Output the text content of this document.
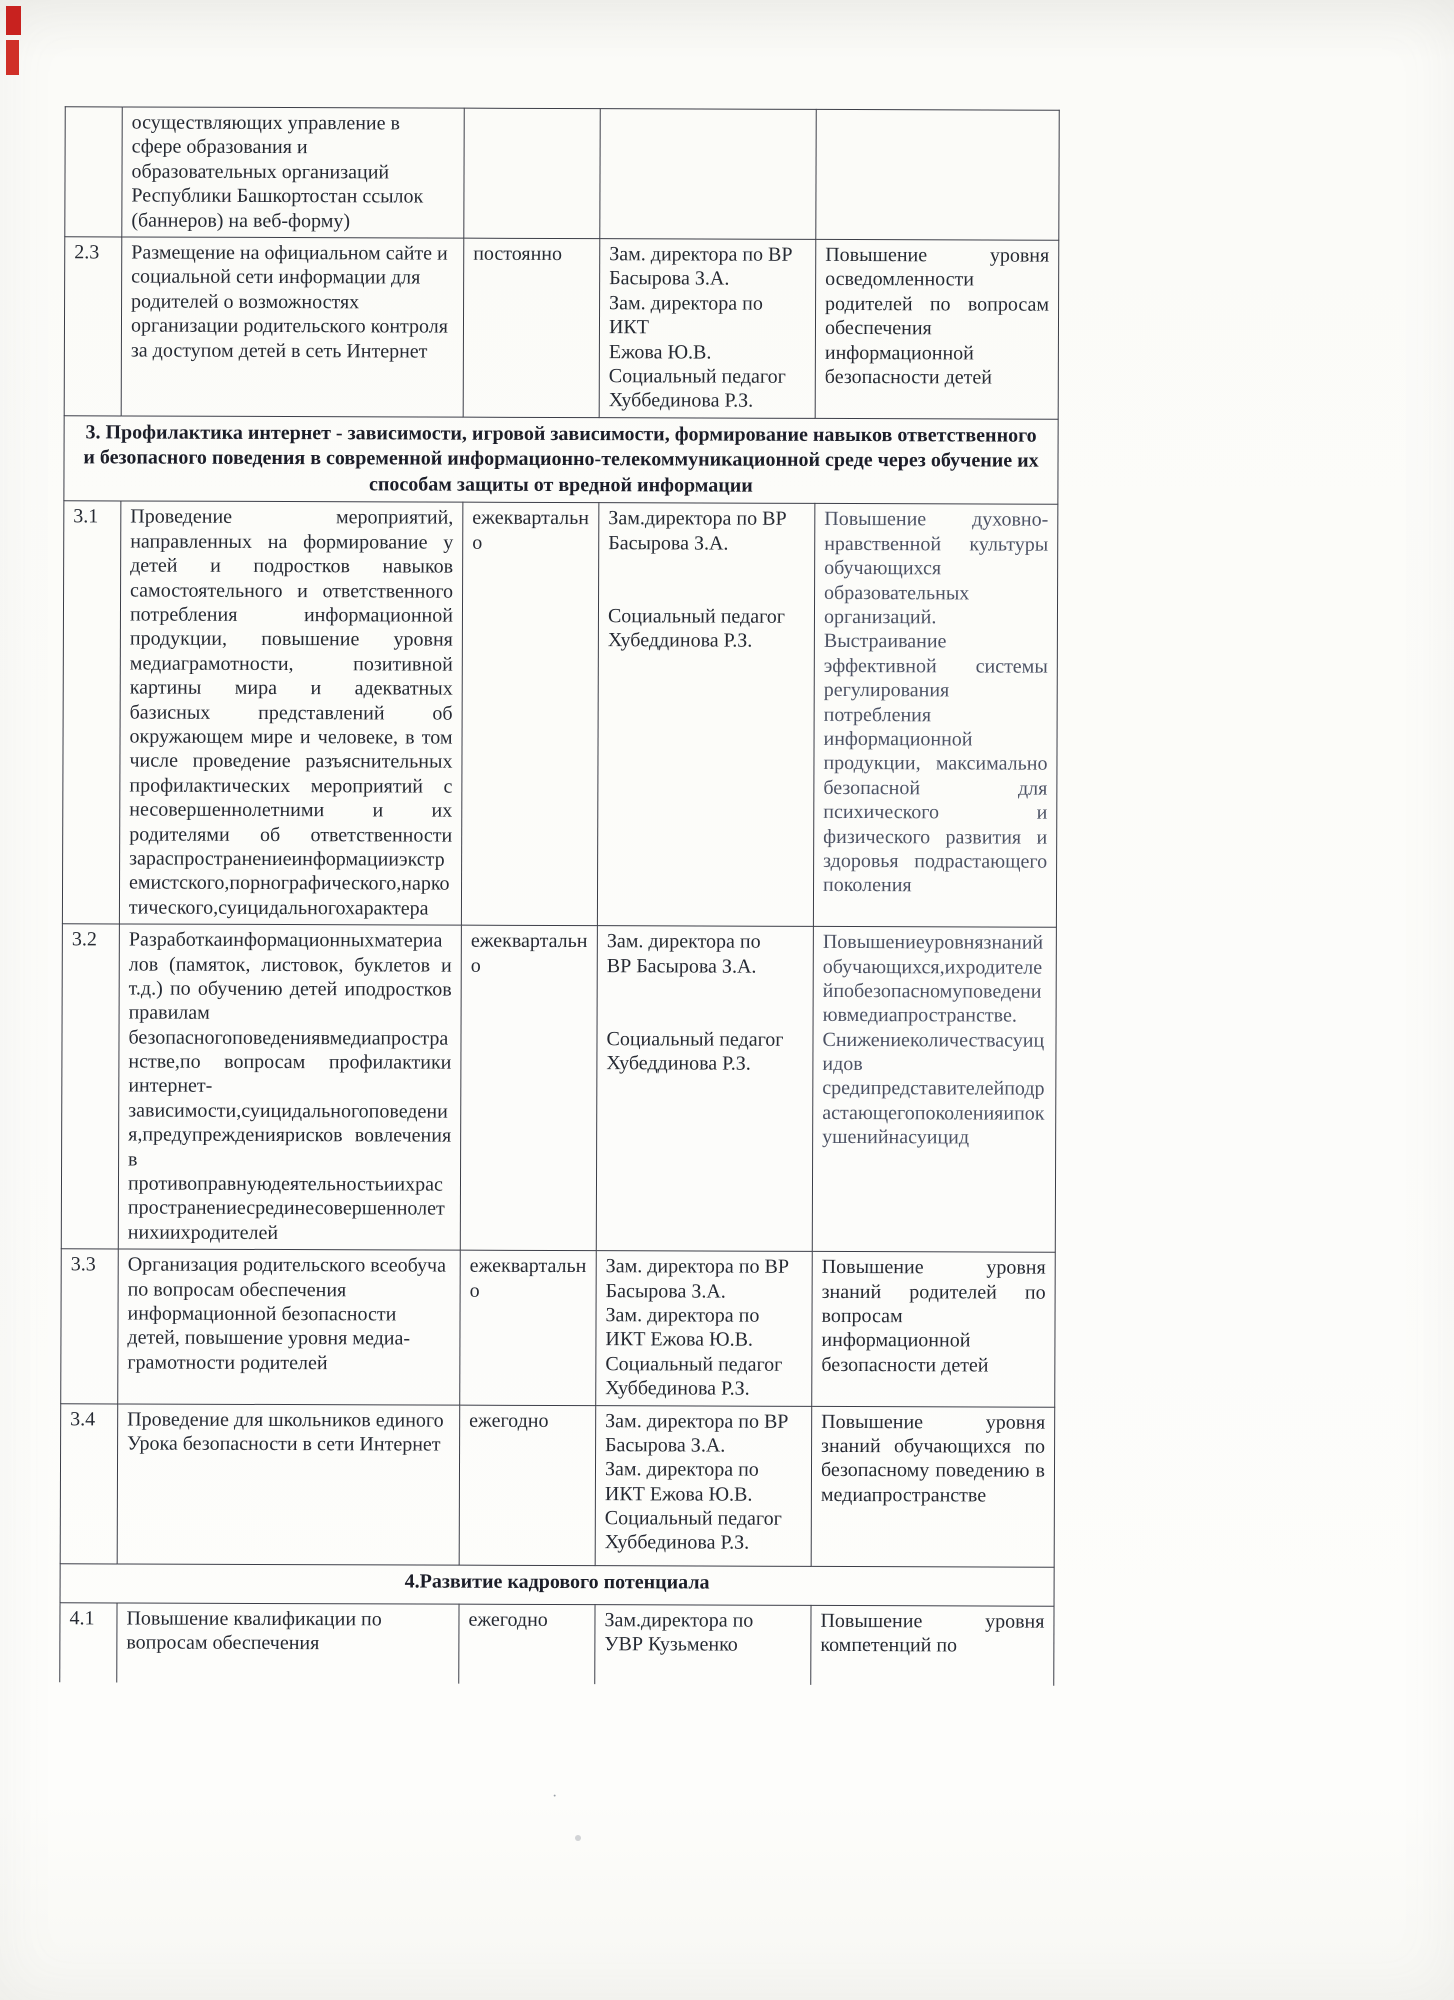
·
	осуществляющих управление в сфере образования и образовательных организаций Республики Башкортостан ссылок (баннеров) на веб-форму)			
2.3	Размещение на официальном сайте и социальной сети информации для родителей о возможностях организации родительского контроля за доступом детей в сеть Интернет	постоянно	Зам. директора по ВР
Басырова З.А.
Зам. директора по ИКТ
Ежова Ю.В.
Социальный педагог
Хуббединова Р.З.	Повышение уровня осведомленности родителей по вопросам обеспечения информационной безопасности детей
3. Профилактика интернет - зависимости, игровой зависимости, формирование навыков ответственного и безопасного поведения в современной информационно-телекоммуникационной среде через обучение их способам защиты от вредной информации				
3.1	Проведение мероприятий, направленных на формирование у детей и подростков навыков самостоятельного и ответственного потребления информационной продукции, повышение уровня медиаграмотности, позитивной картины мира и адекватных базисных представлений об окружающем мире и человеке, в том числе проведение разъяснительных профилактических мероприятий с несовершеннолетними и их родителями об ответственности зараспространениеинформацииэкстремистского,порнографического,наркотического,суицидальногохарактера	ежеквартально	Зам.директора по ВР
Басырова З.А.

Социальный педагог
Хубеддинова Р.З.	Повышение духовно-нравственной культуры обучающихся образовательных организаций. Выстраивание эффективной системы регулирования потребления информационной продукции, максимально безопасной для психического и физического развития и здоровья подрастающего поколения
3.2	Разработкаинформационныхматериалов (памяток, листовок, буклетов и т.д.) по обучению детей иподростков правилам безопасногоповедениявмедиапространстве,по вопросам профилактики интернет-зависимости,суицидальногоповедения,предупреждениярисков вовлечения в противоправнуюдеятельностьиихраспространениесрединесовершеннолетнихиихродителей	ежеквартально	Зам. директора по
ВР Басырова З.А.

Социальный педагог
Хубеддинова Р.З.	Повышениеуровнязнанийобучающихся,ихродителейпобезопасномуповедениювмедиапространстве.
Снижениеколичествасуицидов средипредставителейподрастающегопоколенияипокушенийнасуицид
3.3	Организация родительского всеобуча по вопросам обеспечения информационной безопасности детей, повышение уровня медиа-грамотности родителей	ежеквартально	Зам. директора по ВР
Басырова З.А.
Зам. директора по
ИКТ Ежова Ю.В.
Социальный педагог
Хуббединова Р.З.	Повышение уровня знаний родителей по вопросам информационной безопасности детей
3.4	Проведение для школьников единого Урока безопасности в сети Интернет	ежегодно	Зам. директора по ВР
Басырова З.А.
Зам. директора по
ИКТ Ежова Ю.В.
Социальный педагог
Хуббединова Р.З.	Повышение уровня знаний обучающихся по безопасному поведению в медиапространстве
4.Развитие кадрового потенциала				
4.1	Повышение квалификации по вопросам обеспечения	ежегодно	Зам.директора по
УВР Кузьменко	Повышение уровня компетенций по
